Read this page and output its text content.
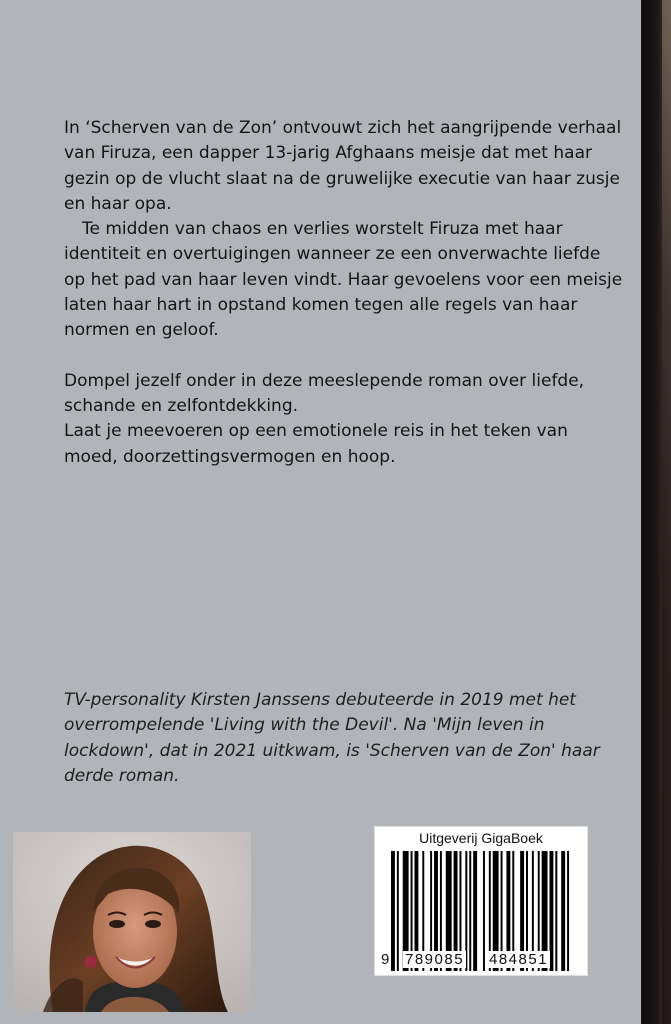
In ‘Scherven van de Zon’ ontvouwt zich het aangrijpende verhaal van Firuza, een dapper 13-jarig Afghaans meisje dat met haar gezin op de vlucht slaat na de gruwelijke executie van haar zusje en haar opa.

Te midden van chaos en verlies worstelt Firuza met haar identiteit en overtuigingen wanneer ze een onverwachte liefde op het pad van haar leven vindt. Haar gevoelens voor een meisje laten haar hart in opstand komen tegen alle regels van haar normen en geloof.

Dompel jezelf onder in deze meeslepende roman over liefde, schande en zelfontdekking.

Laat je meevoeren op een emotionele reis in het teken van moed, doorzettingsvermogen en hoop.

TV-personality Kirsten Janssens debuteerde in 2019 met het overrompelende 'Living with the Devil'. Na 'Mijn leven in lockdown', dat in 2021 uitkwam, is 'Scherven van de Zon' haar derde roman.
Uitgeverij GigaBoek
9 789085 484851
